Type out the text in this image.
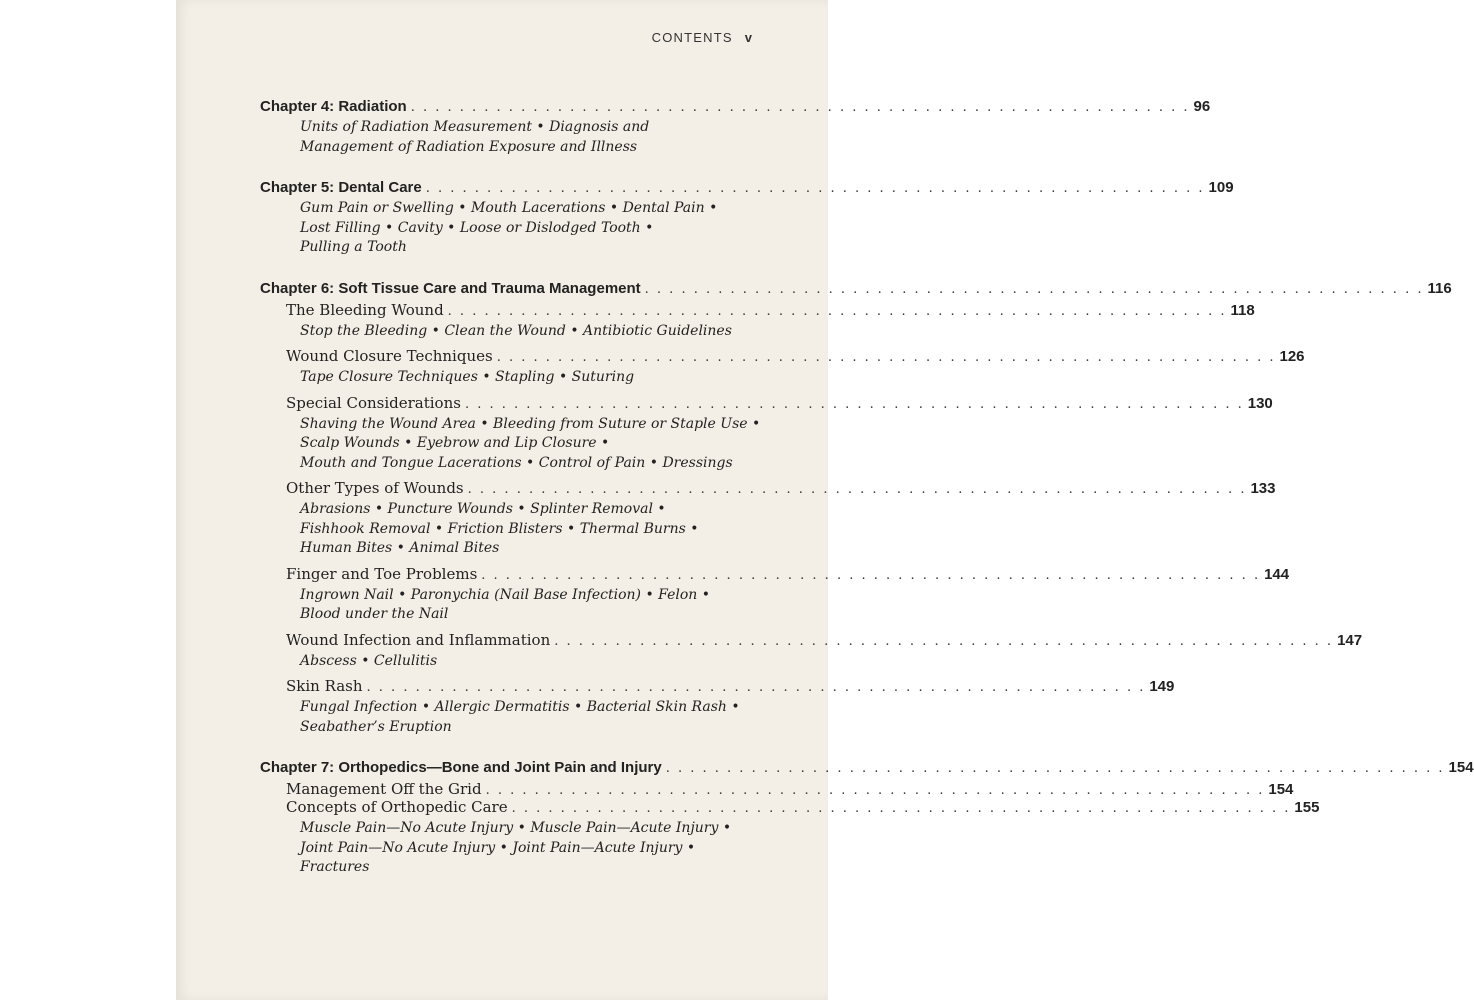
CONTENTS v
Chapter 4: Radiation . . . . . . . . . . . . . . . . . . . . . . . . . . . . . . . . . . . . . . . . . . . . . . . . . . . . . . . . . . . . . . . . 96
Units of Radiation Measurement • Diagnosis and
Management of Radiation Exposure and Illness
Chapter 5: Dental Care . . . . . . . . . . . . . . . . . . . . . . . . . . . . . . . . . . . . . . . . . . . . . . . . . . . . . . . . . . . . . . . . 109
Gum Pain or Swelling • Mouth Lacerations • Dental Pain •
Lost Filling • Cavity • Loose or Dislodged Tooth •
Pulling a Tooth
Chapter 6: Soft Tissue Care and Trauma Management . . . . . . . . . . . . . . . . . . . . . . . . . . . . . . . . . . . . . . . . . . . . . . . . . . . . . . . . . . . . . . . . 116
The Bleeding Wound . . . . . . . . . . . . . . . . . . . . . . . . . . . . . . . . . . . . . . . . . . . . . . . . . . . . . . . . . . . . . . . . 118
Stop the Bleeding • Clean the Wound • Antibiotic Guidelines
Wound Closure Techniques . . . . . . . . . . . . . . . . . . . . . . . . . . . . . . . . . . . . . . . . . . . . . . . . . . . . . . . . . . . . . . . . 126
Tape Closure Techniques • Stapling • Suturing
Special Considerations . . . . . . . . . . . . . . . . . . . . . . . . . . . . . . . . . . . . . . . . . . . . . . . . . . . . . . . . . . . . . . . . 130
Shaving the Wound Area • Bleeding from Suture or Staple Use •
Scalp Wounds • Eyebrow and Lip Closure •
Mouth and Tongue Lacerations • Control of Pain • Dressings
Other Types of Wounds . . . . . . . . . . . . . . . . . . . . . . . . . . . . . . . . . . . . . . . . . . . . . . . . . . . . . . . . . . . . . . . . 133
Abrasions • Puncture Wounds • Splinter Removal •
Fishhook Removal • Friction Blisters • Thermal Burns •
Human Bites • Animal Bites
Finger and Toe Problems . . . . . . . . . . . . . . . . . . . . . . . . . . . . . . . . . . . . . . . . . . . . . . . . . . . . . . . . . . . . . . . . 144
Ingrown Nail • Paronychia (Nail Base Infection) • Felon •
Blood under the Nail
Wound Infection and Inflammation . . . . . . . . . . . . . . . . . . . . . . . . . . . . . . . . . . . . . . . . . . . . . . . . . . . . . . . . . . . . . . . . 147
Abscess • Cellulitis
Skin Rash . . . . . . . . . . . . . . . . . . . . . . . . . . . . . . . . . . . . . . . . . . . . . . . . . . . . . . . . . . . . . . . . 149
Fungal Infection • Allergic Dermatitis • Bacterial Skin Rash •
Seabather’s Eruption
Chapter 7: Orthopedics—Bone and Joint Pain and Injury . . . . . . . . . . . . . . . . . . . . . . . . . . . . . . . . . . . . . . . . . . . . . . . . . . . . . . . . . . . . . . . . 154
Management Off the Grid . . . . . . . . . . . . . . . . . . . . . . . . . . . . . . . . . . . . . . . . . . . . . . . . . . . . . . . . . . . . . . . . 154
Concepts of Orthopedic Care . . . . . . . . . . . . . . . . . . . . . . . . . . . . . . . . . . . . . . . . . . . . . . . . . . . . . . . . . . . . . . . . 155
Muscle Pain—No Acute Injury • Muscle Pain—Acute Injury •
Joint Pain—No Acute Injury • Joint Pain—Acute Injury •
Fractures
